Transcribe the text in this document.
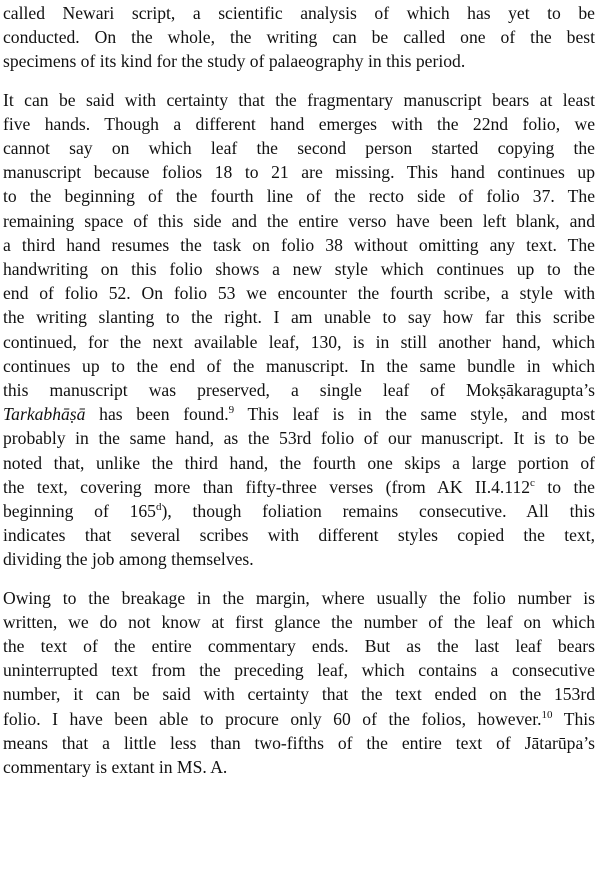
called Newari script, a scientific analysis of which has yet to be
conducted. On the whole, the writing can be called one of the best
specimens of its kind for the study of palaeography in this period.

It can be said with certainty that the fragmentary manuscript bears at least
five hands. Though a different hand emerges with the 22nd folio, we
cannot say on which leaf the second person started copying the
manuscript because folios 18 to 21 are missing. This hand continues up
to the beginning of the fourth line of the recto side of folio 37. The
remaining space of this side and the entire verso have been left blank, and
a third hand resumes the task on folio 38 without omitting any text. The
handwriting on this folio shows a new style which continues up to the
end of folio 52. On folio 53 we encounter the fourth scribe, a style with
the writing slanting to the right. I am unable to say how far this scribe
continued, for the next available leaf, 130, is in still another hand, which
continues up to the end of the manuscript. In the same bundle in which
this manuscript was preserved, a single leaf of Mokṣākaragupta’s
Tarkabhāṣā has been found.$^9$ This leaf is in the same style, and most
probably in the same hand, as the 53rd folio of our manuscript. It is to be
noted that, unlike the third hand, the fourth one skips a large portion of
the text, covering more than fifty-three verses (from AK II.4.112$^c$ to the
beginning of 165$^d$), though foliation remains consecutive. All this
indicates that several scribes with different styles copied the text,
dividing the job among themselves.

Owing to the breakage in the margin, where usually the folio number is
written, we do not know at first glance the number of the leaf on which
the text of the entire commentary ends. But as the last leaf bears
uninterrupted text from the preceding leaf, which contains a consecutive
number, it can be said with certainty that the text ended on the 153rd
folio. I have been able to procure only 60 of the folios, however.$^{10}$ This
means that a little less than two-fifths of the entire text of Jātarūpa’s
commentary is extant in MS. A.
